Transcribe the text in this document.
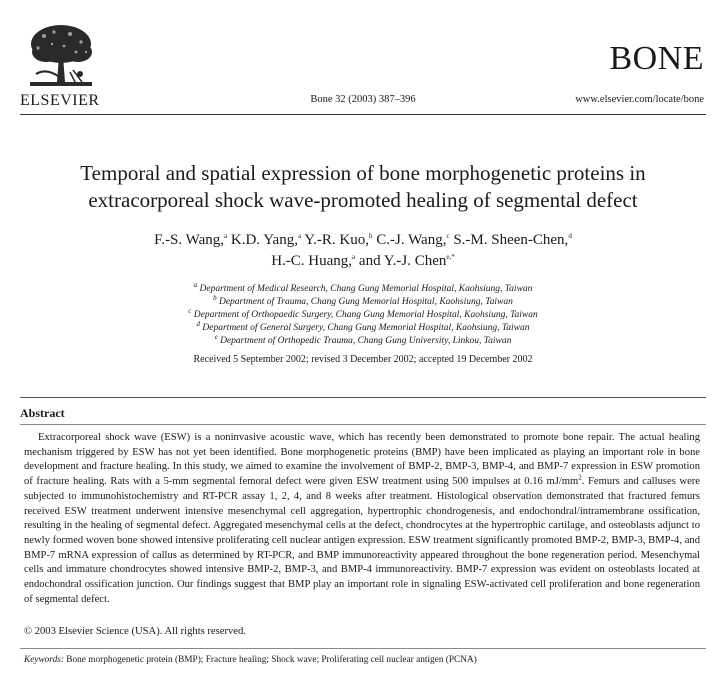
ELSEVIER	Bone 32 (2003) 387–396
BONE
www.elsevier.com/locate/bone
Temporal and spatial expression of bone morphogenetic proteins in
extracorporeal shock wave-promoted healing of segmental defect
F.-S. Wang,$^a$ K.D. Yang,$^a$ Y.-R. Kuo,$^b$ C.-J. Wang,$^c$ S.-M. Sheen-Chen,$^d$
H.-C. Huang,$^a$ and Y.-J. Chen$^{e,*}$
$^a$ Department of Medical Research, Chang Gung Memorial Hospital, Kaohsiung, Taiwan
$^b$ Department of Trauma, Chang Gung Memorial Hospital, Kaohsiung, Taiwan
$^c$ Department of Orthopaedic Surgery, Chang Gung Memorial Hospital, Kaohsiung, Taiwan
$^d$ Department of General Surgery, Chang Gung Memorial Hospital, Kaohsiung, Taiwan
$^e$ Department of Orthopedic Trauma, Chang Gung University, Linkou, Taiwan
Received 5 September 2002; revised 3 December 2002; accepted 19 December 2002
Abstract

Extracorporeal shock wave (ESW) is a noninvasive acoustic wave, which has recently been demonstrated to promote bone repair. The actual healing mechanism triggered by ESW has not yet been identified. Bone morphogenetic proteins (BMP) have been implicated as playing an important role in bone development and fracture healing. In this study, we aimed to examine the involvement of BMP-2, BMP-3, BMP-4, and BMP-7 expression in ESW promotion of fracture healing. Rats with a 5-mm segmental femoral defect were given ESW treatment using 500 impulses at 0.16 $mJ/mm^2$. Femurs and calluses were subjected to immunohistochemistry and RT-PCR assay 1, 2, 4, and 8 weeks after treatment. Histological observation demonstrated that fractured femurs received ESW treatment underwent intensive mesenchymal cell aggregation, hypertrophic chondrogenesis, and endochondral/intramembrane ossification, resulting in the healing of segmental defect. Aggregated mesenchymal cells at the defect, chondrocytes at the hypertrophic cartilage, and osteoblasts adjunct to newly formed woven bone showed intensive proliferating cell nuclear antigen expression. ESW treatment significantly promoted BMP-2, BMP-3, BMP-4, and BMP-7 mRNA expression of callus as determined by RT-PCR, and BMP immunoreactivity appeared throughout the bone regeneration period. Mesenchymal cells and immature chondrocytes showed intensive BMP-2, BMP-3, and BMP-4 immunoreactivity. BMP-7 expression was evident on osteoblasts located at endochondral ossification junction. Our findings suggest that BMP play an important role in signaling ESW-activated cell proliferation and bone regeneration of segmental defect.

© 2003 Elsevier Science (USA). All rights reserved.
Keywords: Bone morphogenetic protein (BMP); Fracture healing; Shock wave; Proliferating cell nuclear antigen (PCNA)
